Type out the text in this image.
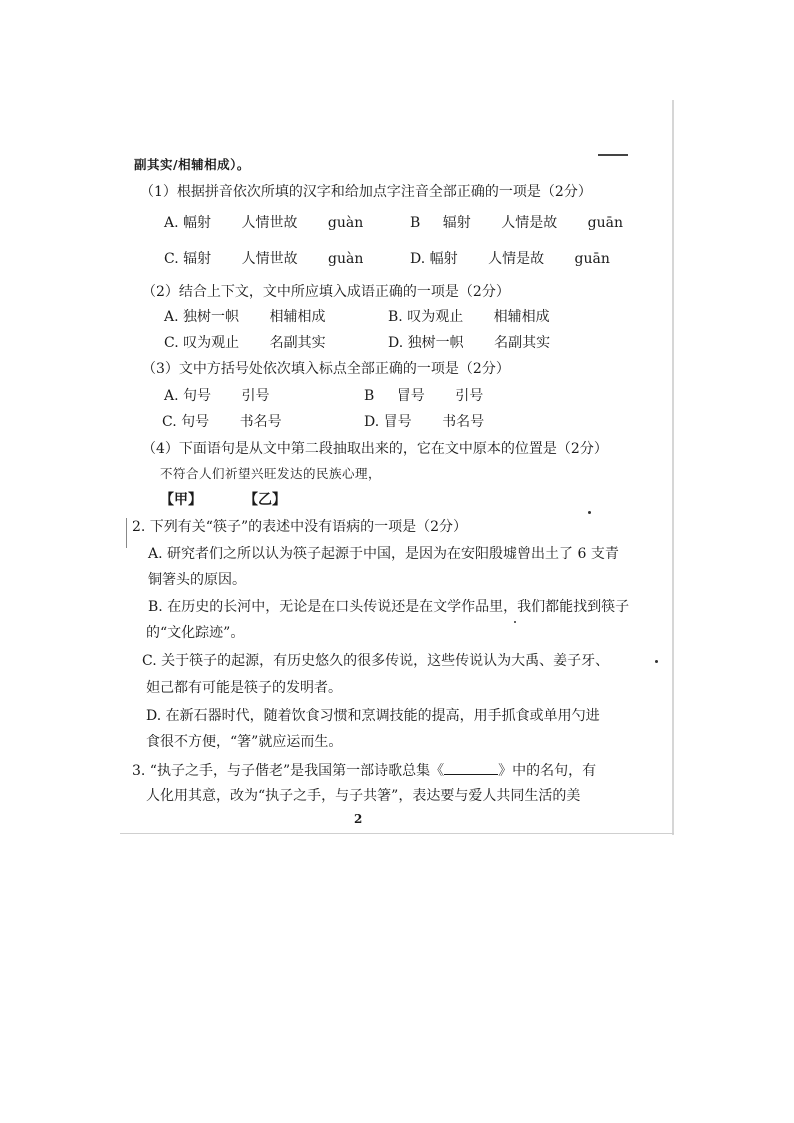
副其实/相辅相成）。
（1）根据拼音依次所填的汉字和给加点字注音全部正确的一项是（2分）
A. 幅射 人情世故 guàn	B 辐射 人情是故 guān
C. 辐射 人情世故 guàn	D. 幅射 人情是故 guān
（2）结合上下文，文中所应填入成语正确的一项是（2分）
A. 独树一帜 相辅相成	B. 叹为观止 相辅相成
C. 叹为观止 名副其实	D. 独树一帜 名副其实
（3）文中方括号处依次填入标点全部正确的一项是（2分）
A. 句号 引号	B 冒号 引号
C. 句号 书名号	D. 冒号 书名号
（4）下面语句是从文中第二段抽取出来的，它在文中原本的位置是（2分）
不符合人们祈望兴旺发达的民族心理，
【甲】	【乙】
2. 下列有关“筷子”的表述中没有语病的一项是（2分）
A. 研究者们之所以认为筷子起源于中国，是因为在安阳殷墟曾出土了 6 支青
铜箸头的原因。
B. 在历史的长河中，无论是在口头传说还是在文学作品里，我们都能找到筷子
的“文化踪迹”。
C. 关于筷子的起源，有历史悠久的很多传说，这些传说认为大禹、姜子牙、
妲己都有可能是筷子的发明者。
D. 在新石器时代，随着饮食习惯和烹调技能的提高，用手抓食或单用勺进
食很不方便，“箸”就应运而生。
3. “执子之手，与子偕老”是我国第一部诗歌总集《	》中的名句，有
人化用其意，改为“执子之手，与子共箸”，表达要与爱人共同生活的美
2
